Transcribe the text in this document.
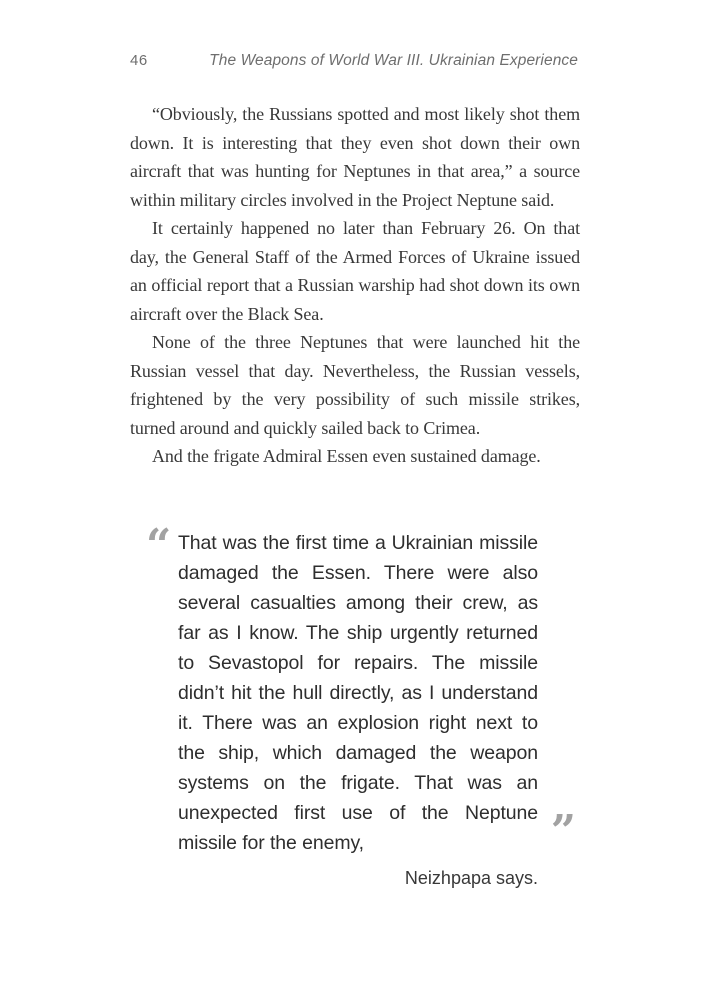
46	The Weapons of World War III. Ukrainian Experience

“Obviously, the Russians spotted and most likely shot them down. It is interesting that they even shot down their own aircraft that was hunting for Neptunes in that area,” a source within military circles involved in the Project Neptune said.

It certainly happened no later than February 26. On that day, the General Staff of the Armed Forces of Ukraine issued an official report that a Russian warship had shot down its own aircraft over the Black Sea.

None of the three Neptunes that were launched hit the Russian vessel that day. Nevertheless, the Russian vessels, frightened by the very possibility of such missile strikes, turned around and quickly sailed back to Crimea.

And the frigate Admiral Essen even sustained damage.

“ That was the first time a Ukrainian missile damaged the Essen. There were also several casualties among their crew, as far as I know. The ship urgently returned to Sevastopol for repairs. The missile didn’t hit the hull directly, as I understand it. There was an explosion right next to the ship, which damaged the weapon systems on the frigate. That was an unexpected first use of the Neptune missile for the enemy,	”
Neizhpapa says.
